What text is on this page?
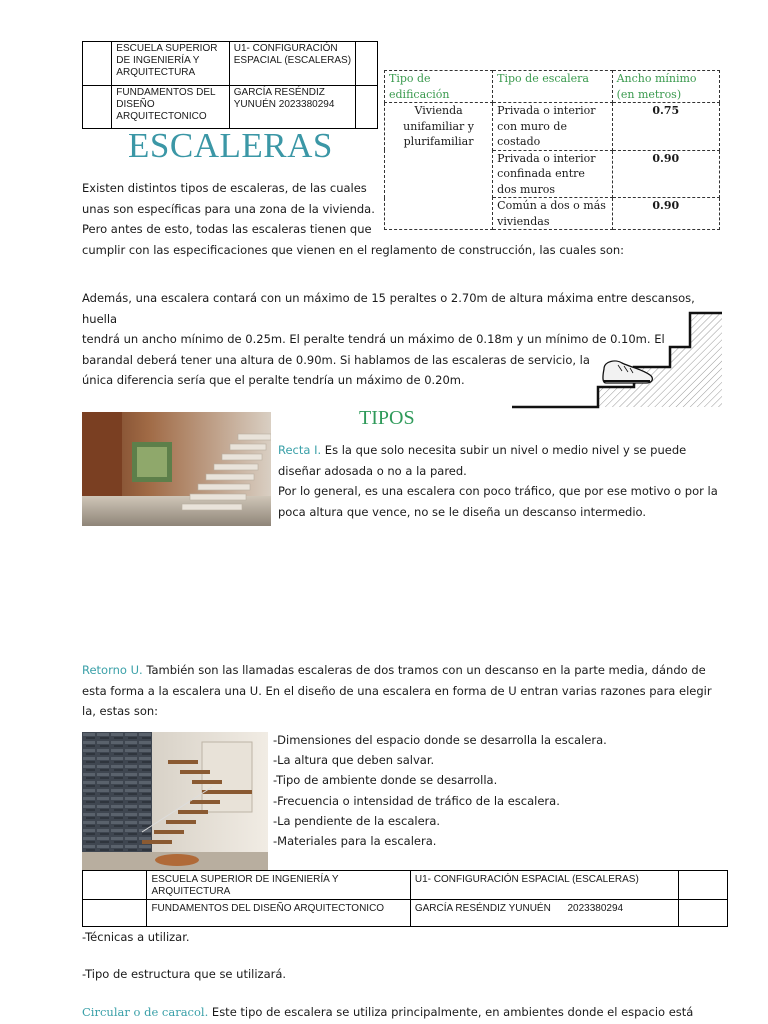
	ESCUELA SUPERIOR DE INGENIERÍA Y ARQUITECTURA	U1- CONFIGURACIÓN ESPACIAL (ESCALERAS)	
	FUNDAMENTOS DEL DISEÑO ARQUITECTONICO	GARCÍA RESÉNDIZ YUNUÉN 2023380294	
ESCALERAS
Tipo de edificación	Tipo de escalera	Ancho mínimo (en metros)
Vivienda unifamiliar y plurifamiliar	Privada o interior con muro de costado	0.75
	Privada o interior confinada entre dos muros	0.90
	Común a dos o más viviendas	0.90

Existen distintos tipos de escaleras, de las cuales

unas son específicas para una zona de la vivienda.

Pero antes de esto, todas las escaleras tienen que

cumplir con las especificaciones que vienen en el reglamento de construcción, las cuales son:

Además, una escalera contará con un máximo de 15 peraltes o 2.70m de altura máxima entre descansos, huella

tendrá un ancho mínimo de 0.25m. El peralte tendrá un máximo de 0.18m y un mínimo de 0.10m. El

barandal deberá tener una altura de 0.90m. Si hablamos de las escaleras de servicio, la

única diferencia sería que el peralte tendría un máximo de 0.20m.

TIPOS

Recta I. Es la que solo necesita subir un nivel o medio nivel y se puede

diseñar adosada o no a la pared.

Por lo general, es una escalera con poco tráfico, que por ese motivo o por la

poca altura que vence, no se le diseña un descanso intermedio.

Retorno U. También son las llamadas escaleras de dos tramos con un descanso en la parte media, dándo de

esta forma a la escalera una U. En el diseño de una escalera en forma de U entran varias razones para elegir

la, estas son:

-Dimensiones del espacio donde se desarrolla la escalera.
-La altura que deben salvar.
-Tipo de ambiente donde se desarrolla.
-Frecuencia o intensidad de tráfico de la escalera.
-La pendiente de la escalera.
-Materiales para la escalera.
	ESCUELA SUPERIOR DE INGENIERÍA Y ARQUITECTURA	U1- CONFIGURACIÓN ESPACIAL (ESCALERAS)	
	FUNDAMENTOS DEL DISEÑO ARQUITECTONICO	GARCÍA RESÉNDIZ YUNUÉN      2023380294	
-Técnicas a utilizar.
-Tipo de estructura que se utilizará.

Circular o de caracol. Este tipo de escalera se utiliza principalmente, en ambientes donde el espacio está
